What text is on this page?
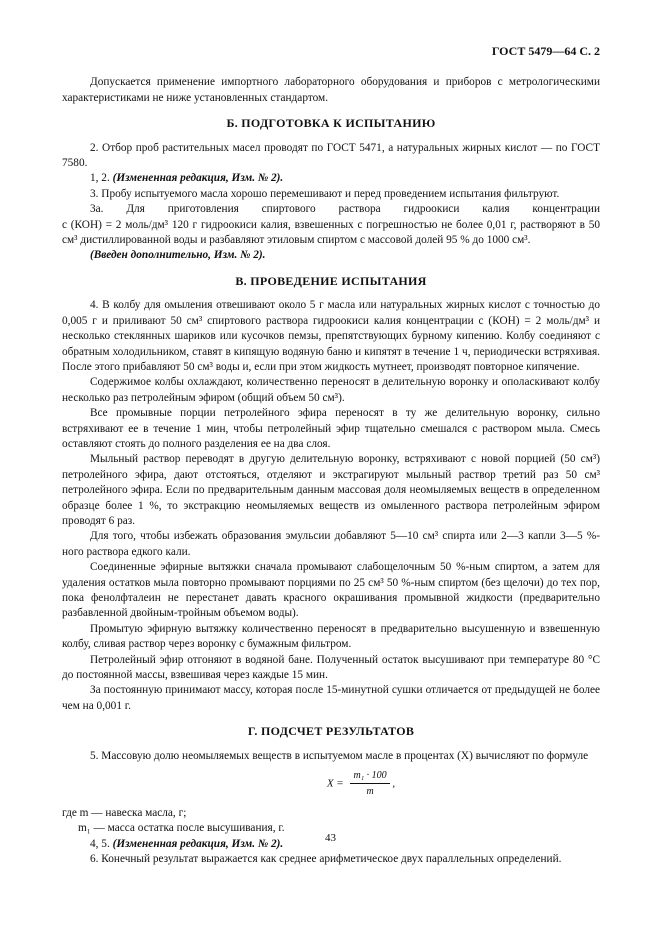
ГОСТ 5479—64 С. 2

Допускается применение импортного лабораторного оборудования и приборов с метрологическими характеристиками не ниже установленных стандартом.

Б. ПОДГОТОВКА К ИСПЫТАНИЮ

2. Отбор проб растительных масел проводят по ГОСТ 5471, а натуральных жирных кислот — по ГОСТ 7580.

1, 2. (Измененная редакция, Изм. № 2).

3. Пробу испытуемого масла хорошо перемешивают и перед проведением испытания фильтруют.

3а. Для приготовления спиртового раствора гидроокиси калия концентрации

c (КОН) = 2 моль/дм³ 120 г гидроокиси калия, взвешенных с погрешностью не более 0,01 г, растворяют в 50 см³ дистиллированной воды и разбавляют этиловым спиртом с массовой долей 95 % до 1000 см³.

(Введен дополнительно, Изм. № 2).

В. ПРОВЕДЕНИЕ ИСПЫТАНИЯ

4. В колбу для омыления отвешивают около 5 г масла или натуральных жирных кислот с точностью до 0,005 г и приливают 50 см³ спиртового раствора гидроокиси калия концентрации c (КОН) = 2 моль/дм³ и несколько стеклянных шариков или кусочков пемзы, препятствующих бурному кипению. Колбу соединяют с обратным холодильником, ставят в кипящую водяную баню и кипятят в течение 1 ч, периодически встряхивая. После этого прибавляют 50 см³ воды и, если при этом жидкость мутнеет, производят повторное кипячение.

Содержимое колбы охлаждают, количественно переносят в делительную воронку и ополаскивают колбу несколько раз петролейным эфиром (общий объем 50 см³).

Все промывные порции петролейного эфира переносят в ту же делительную воронку, сильно встряхивают ее в течение 1 мин, чтобы петролейный эфир тщательно смешался с раствором мыла. Смесь оставляют стоять до полного разделения ее на два слоя.

Мыльный раствор переводят в другую делительную воронку, встряхивают с новой порцией (50 см³) петролейного эфира, дают отстояться, отделяют и экстрагируют мыльный раствор третий раз 50 см³ петролейного эфира. Если по предварительным данным массовая доля неомыляемых веществ в определенном образце более 1 %, то экстракцию неомыляемых веществ из омыленного раствора петролейным эфиром проводят 6 раз.

Для того, чтобы избежать образования эмульсии добавляют 5—10 см³ спирта или 2—3 капли 3—5 %-ного раствора едкого кали.

Соединенные эфирные вытяжки сначала промывают слабощелочным 50 %-ным спиртом, а затем для удаления остатков мыла повторно промывают порциями по 25 см³ 50 %-ным спиртом (без щелочи) до тех пор, пока фенолфталеин не перестанет давать красного окрашивания промывной жидкости (предварительно разбавленной двойным-тройным объемом воды).

Промытую эфирную вытяжку количественно переносят в предварительно высушенную и взвешенную колбу, сливая раствор через воронку с бумажным фильтром.

Петролейный эфир отгоняют в водяной бане. Полученный остаток высушивают при температуре 80 °С до постоянной массы, взвешивая через каждые 15 мин.

За постоянную принимают массу, которая после 15-минутной сушки отличается от предыдущей не более чем на 0,001 г.

Г. ПОДСЧЕТ РЕЗУЛЬТАТОВ

5. Массовую долю неомыляемых веществ в испытуемом масле в процентах (X) вычисляют по формуле

$X = \frac{\text{m₁ · 100}}{m}$ ,

где m — навеска масла, г;

m₁ — масса остатка после высушивания, г.

4, 5. (Измененная редакция, Изм. № 2).

6. Конечный результат выражается как среднее арифметическое двух параллельных определений.

43
